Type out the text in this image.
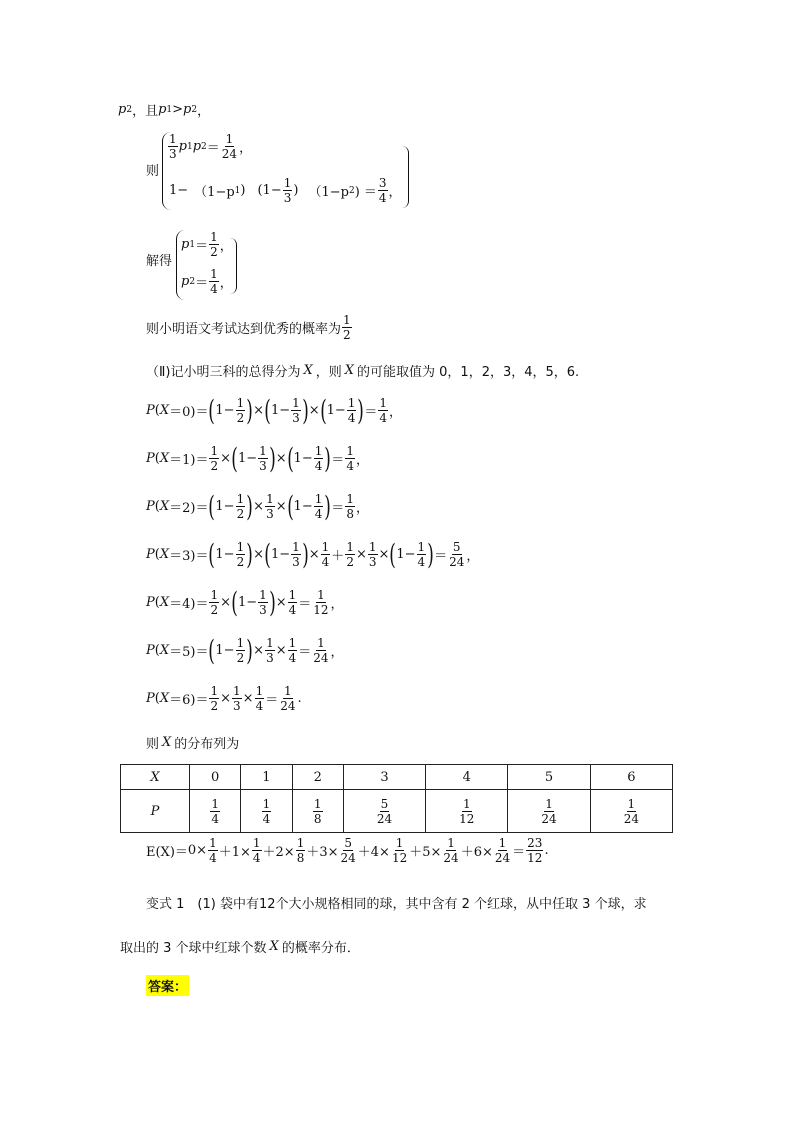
p 2 ，且 p 1 > p 2 ，
则
$\frac{1}{3}$ p 1 p $2 = \frac{1}{24}$ ，
1− （1−p 1 ) ($1- \frac{1}{3}$ ) （1−p 2 ) ＝ $\frac{3}{4}$ ，
解得
p $1 = \frac{1}{2}$ ，
p $2 = \frac{1}{4}$ ，
则小明语文考试达到优秀的概率为 $\frac{1}{2}$
（Ⅱ)记小明三科的总得分为 X ，则 X 的可能取值为 0，1，2，3，4，5，6.
P ( X ＝0)＝ ( $1- \frac{1}{2}$ ) × ( $1- \frac{1}{3}$ ) × ( $1- \frac{1}{4}$ ) ＝ $\frac{1}{4}$ ，
P ( $X =1)= \frac{1}{2}$ × ( $1- \frac{1}{3}$ ) × ( $1- \frac{1}{4}$ ) ＝ $\frac{1}{4}$ ，
P ( X ＝2)＝ ( $1- \frac{1}{2}$ ) × $\frac{1}{3}$ × ( $1- \frac{1}{4}$ ) ＝ $\frac{1}{8}$ ，
P ( X ＝3)＝ ( $1- \frac{1}{2}$ ) × ( $1- \frac{1}{3}$ ) × $\frac{1}{4} + \frac{1}{2} \times \frac{1}{3}$ × ( $1- \frac{1}{4}$ ) ＝ $\frac{5}{24}$ ，
P ( $X =4)= \frac{1}{2}$ × ( $1- \frac{1}{3}$ ) × $\frac{1}{4} = \frac{1}{12}$ ，
P ( X ＝5)＝ ( $1- \frac{1}{2}$ ) × $\frac{1}{3} \times \frac{1}{4} = \frac{1}{24}$ ，
P ( $X =6)= \frac{1}{2} \times \frac{1}{3} \times \frac{1}{4} = \frac{1}{24}$ .
则 X 的分布列为
X	0	1	2	3	4	5	6
P	$\frac{1}{4}$	$\frac{1}{4}$	$\frac{1}{8}$	$\frac{5}{24}$	$\frac{1}{12}$	$\frac{1}{24}$	$\frac{1}{24}$
$E(X)= 0\times \frac{1}{4} +1\times \frac{1}{4} +2\times \frac{1}{8} +3\times \frac{5}{24} +4\times \frac{1}{12} +5\times \frac{1}{24} +6\times \frac{1}{24} = \frac{23}{12}$ .
变式 1　(1) 袋中有12个大小规格相同的球，其中含有 2 个红球，从中任取 3 个球，求
取出的 3 个球中红球个数 X 的概率分布．
答案：
